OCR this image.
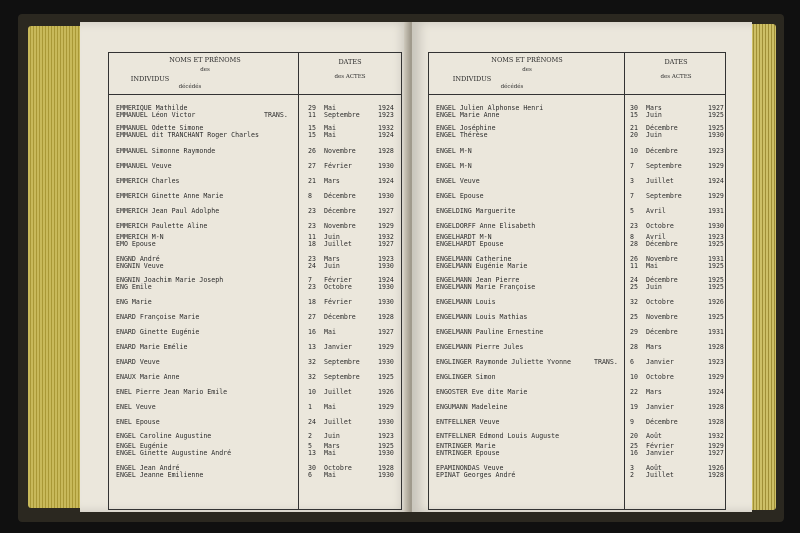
NOMS ET PRÉNOMS
des
INDIVIDUS
décédés
DATES
des ACTES
EMMERIQUE Mathilde	29 Mai	1924
EMMANUEL Léon Victor	TRANS.	11 Septembre	1923
EMMANUEL Odette Simone	15 Mai	1932
EMMANUEL dit TRANCHANT Roger Charles	15 Mai	1924
EMMANUEL Simonne Raymonde	26 Novembre	1928
EMMANUEL Veuve	27 Février	1930
EMMERICH Charles	21 Mars	1924
EMMERICH Ginette Anne Marie	8 Décembre	1930
EMMERICH Jean Paul Adolphe	23 Décembre	1927
EMMERICH Paulette Aline	23 Novembre	1929
EMMERICH M-N	11 Juin	1932
EMO Epouse	18 Juillet	1927
ENGND André	23 Mars	1923
ENGNIN Veuve	24 Juin	1930
ENGNIN Joachim Marie Joseph	7 Février	1924
ENG Emile	23 Octobre	1930
ENG Marie	18 Février	1930
ENARD Françoise Marie	27 Décembre	1928
ENARD Ginette Eugénie	16 Mai	1927
ENARD Marie Emélie	13 Janvier	1929
ENARD Veuve	32 Septembre	1930
ENAUX Marie Anne	32 Septembre	1925
ENEL Pierre Jean Mario Emile	10 Juillet	1926
ENEL Veuve	1 Mai	1929
ENEL Epouse	24 Juillet	1930
ENGEL Caroline Augustine	2 Juin	1923
ENGEL Eugénie	5 Mars	1925
ENGEL Ginette Augustine André	13 Mai	1930
ENGEL Jean André	30 Octobre	1928
ENGEL Jeanne Emilienne	6 Mai	1930
NOMS ET PRÉNOMS
des
INDIVIDUS
décédés
DATES
des ACTES
ENGEL Julien Alphonse Henri	30 Mars	1927
ENGEL Marie Anne	15 Juin	1925
ENGEL Joséphine	21 Décembre	1925
ENGEL Thérèse	20 Juin	1930
ENGEL M-N	10 Décembre	1923
ENGEL M-N	7 Septembre	1929
ENGEL Veuve	3 Juillet	1924
ENGEL Epouse	7 Septembre	1929
ENGELDING Marguerite	5 Avril	1931
ENGELDORFF Anne Elisabeth	23 Octobre	1930
ENGELHARDT M-N	8 Avril	1923
ENGELHARDT Epouse	28 Décembre	1925
ENGELMANN Catherine	26 Novembre	1931
ENGELMANN Eugénie Marie	11 Mai	1925
ENGELMANN Jean Pierre	24 Décembre	1925
ENGELMANN Marie Françoise	25 Juin	1925
ENGELMANN Louis	32 Octobre	1926
ENGELMANN Louis Mathias	25 Novembre	1925
ENGELMANN Pauline Ernestine	29 Décembre	1931
ENGELMANN Pierre Jules	28 Mars	1928
ENGLINGER Raymonde Juliette Yvonne	TRANS. 6 Janvier	1923
ENGLINGER Simon	10 Octobre	1929
ENGOSTER Eve dite Marie	22 Mars	1924
ENGUMANN Madeleine	19 Janvier	1928
ENTFELLNER Veuve	9 Décembre	1928
ENTFELLNER Edmond Louis Auguste	20 Août	1932
ENTRINGER Marie	25 Février	1929
ENTRINGER Epouse	16 Janvier	1927
EPAMINONDAS Veuve	3 Août	1926
EPINAT Georges André	2 Juillet	1928
